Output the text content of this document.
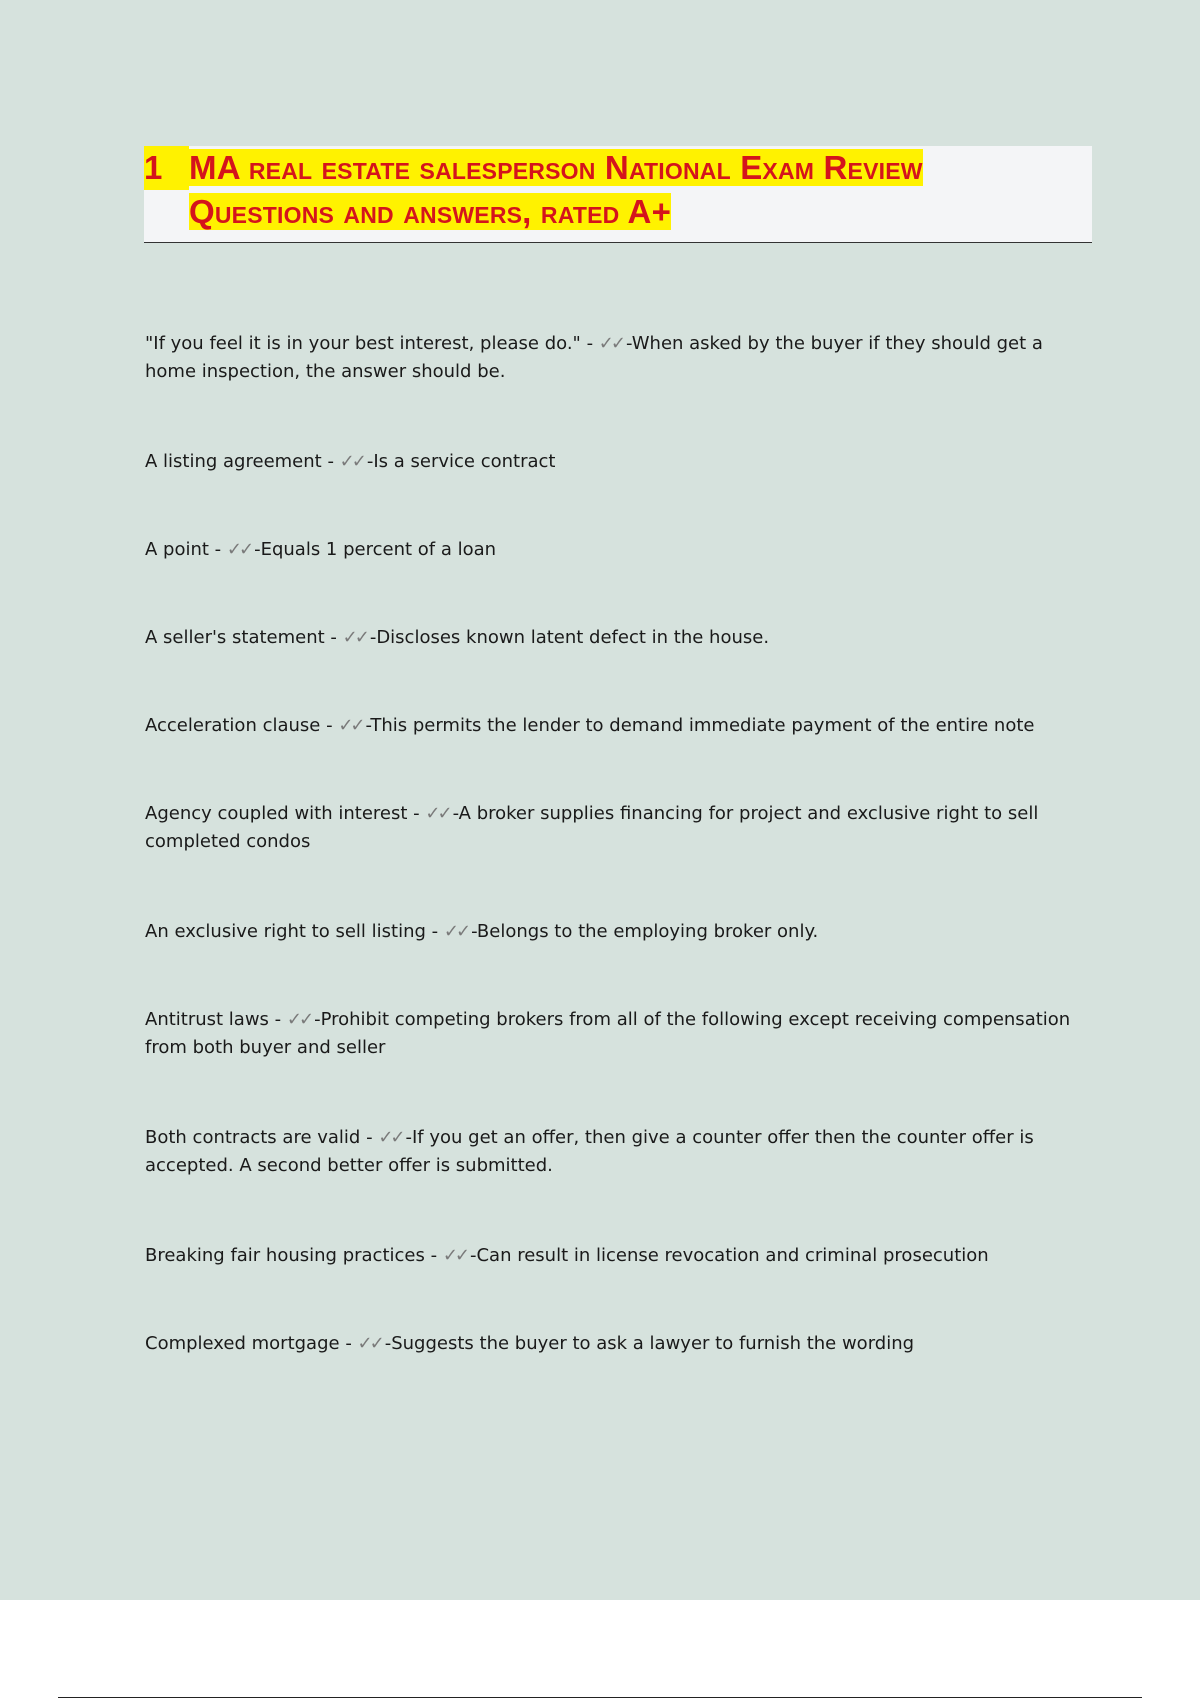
1 MA real estate salesperson National Exam Review
Questions and answers, rated A+

"If you feel it is in your best interest, please do." - ✓✓ -When asked by the buyer if they should get a home inspection, the answer should be.

A listing agreement - ✓✓ -Is a service contract

A point - ✓✓ -Equals 1 percent of a loan

A seller's statement - ✓✓ -Discloses known latent defect in the house.

Acceleration clause - ✓✓ -This permits the lender to demand immediate payment of the entire note

Agency coupled with interest - ✓✓ -A broker supplies financing for project and exclusive right to sell completed condos

An exclusive right to sell listing - ✓✓ -Belongs to the employing broker only.

Antitrust laws - ✓✓ -Prohibit competing brokers from all of the following except receiving compensation from both buyer and seller

Both contracts are valid - ✓✓ -If you get an offer, then give a counter offer then the counter offer is accepted. A second better offer is submitted.

Breaking fair housing practices - ✓✓ -Can result in license revocation and criminal prosecution

Complexed mortgage - ✓✓ -Suggests the buyer to ask a lawyer to furnish the wording
